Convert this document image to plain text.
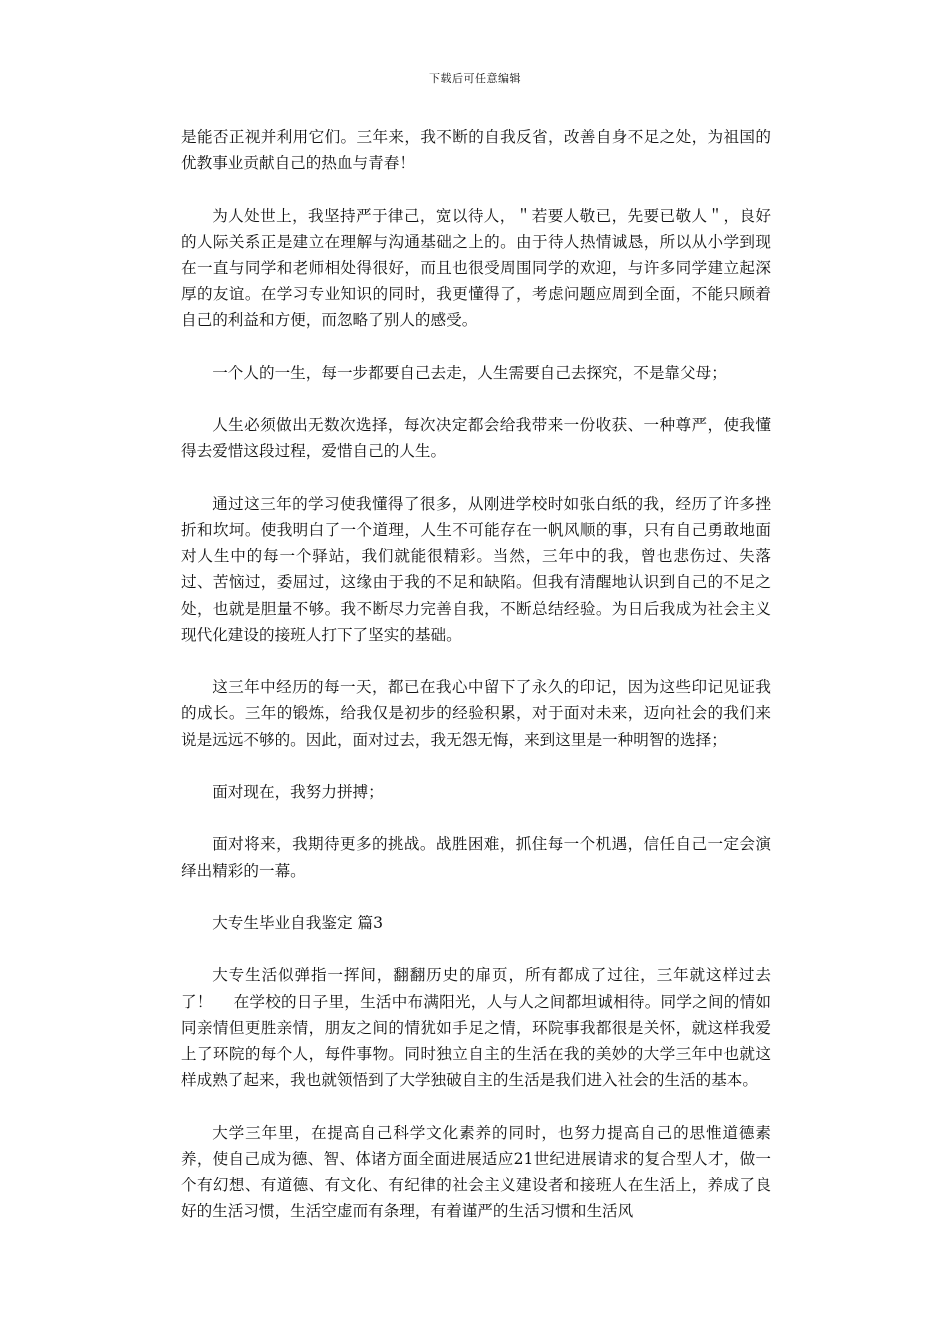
下载后可任意编辑

是能否正视并利用它们。三年来，我不断的自我反省，改善自身不足之处，为祖国的优教事业贡献自己的热血与青春！

为人处世上，我坚持严于律己，宽以待人，＂若要人敬已，先要已敬人＂，良好的人际关系正是建立在理解与沟通基础之上的。由于待人热情诚恳，所以从小学到现在一直与同学和老师相处得很好，而且也很受周围同学的欢迎，与许多同学建立起深厚的友谊。在学习专业知识的同时，我更懂得了，考虑问题应周到全面，不能只顾着自己的利益和方便，而忽略了别人的感受。

一个人的一生，每一步都要自己去走，人生需要自己去探究，不是靠父母；

人生必须做出无数次选择，每次决定都会给我带来一份收获、一种尊严，使我懂得去爱惜这段过程，爱惜自己的人生。

通过这三年的学习使我懂得了很多，从刚进学校时如张白纸的我，经历了许多挫折和坎坷。使我明白了一个道理，人生不可能存在一帆风顺的事，只有自己勇敢地面对人生中的每一个驿站，我们就能很精彩。当然，三年中的我，曾也悲伤过、失落过、苦恼过，委屈过，这缘由于我的不足和缺陷。但我有清醒地认识到自己的不足之处，也就是胆量不够。我不断尽力完善自我，不断总结经验。为日后我成为社会主义现代化建设的接班人打下了坚实的基础。

这三年中经历的每一天，都已在我心中留下了永久的印记，因为这些印记见证我的成长。三年的锻炼，给我仅是初步的经验积累，对于面对未来，迈向社会的我们来说是远远不够的。因此，面对过去，我无怨无悔，来到这里是一种明智的选择；

面对现在，我努力拼搏；

面对将来，我期待更多的挑战。战胜困难，抓住每一个机遇，信任自己一定会演绎出精彩的一幕。

大专生毕业自我鉴定 篇3

大专生活似弹指一挥间，翻翻历史的扉页，所有都成了过往，三年就这样过去了！　 在学校的日子里，生活中布满阳光，人与人之间都坦诚相待。同学之间的情如同亲情但更胜亲情，朋友之间的情犹如手足之情，环院事我都很是关怀，就这样我爱上了环院的每个人，每件事物。同时独立自主的生活在我的美妙的大学三年中也就这样成熟了起来，我也就领悟到了大学独破自主的生活是我们进入社会的生活的基本。

大学三年里，在提高自己科学文化素养的同时，也努力提高自己的思惟道德素养，使自己成为德、智、体诸方面全面进展适应21世纪进展请求的复合型人才，做一个有幻想、有道德、有文化、有纪律的社会主义建设者和接班人在生活上，养成了良好的生活习惯，生活空虚而有条理，有着谨严的生活习惯和生活风
